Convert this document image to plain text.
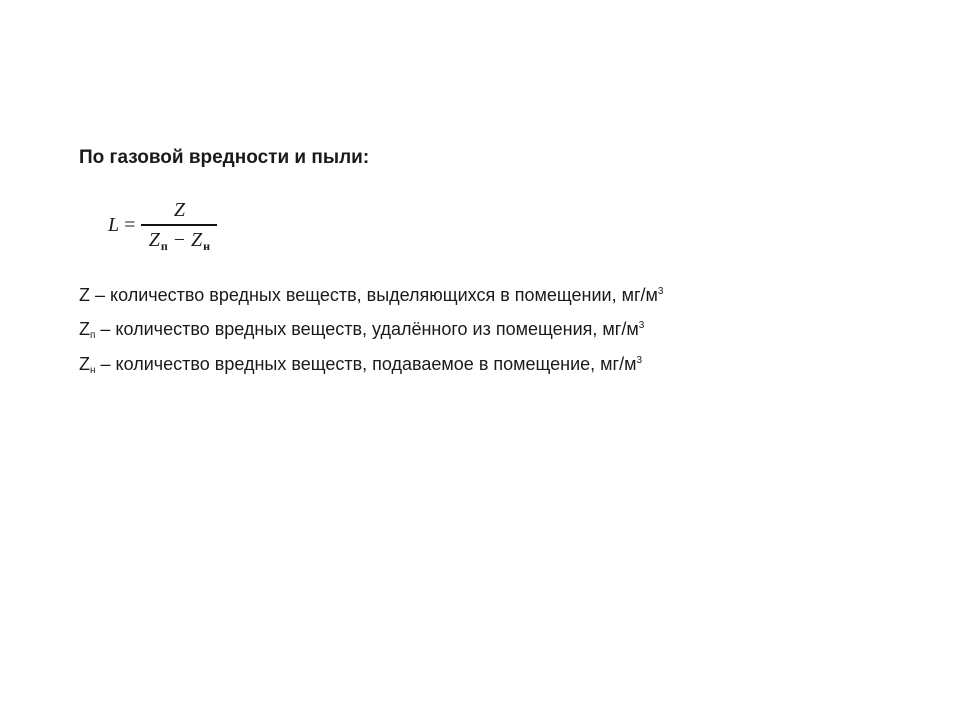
По газовой вредности и пыли:
$L = \frac{Z}{\text{Z п − Z н}}$
Z – количество вредных веществ, выделяющихся в помещении, $мг/м^3$
$Z_п$ – количество вредных веществ, удалённого из помещения, $мг/м^3$
$Z_н$ – количество вредных веществ, подаваемое в помещение, $мг/м^3$
